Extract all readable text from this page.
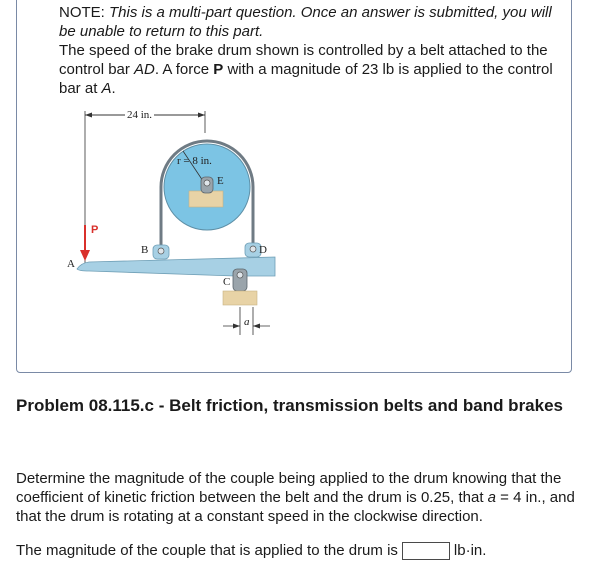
NOTE: This is a multi-part question. Once an answer is submitted, you will be unable to return to this part.
The speed of the brake drum shown is controlled by a belt attached to the control bar AD. A force P with a magnitude of 23 lb is applied to the control bar at A.
24 in.
r = 8 in.
E
P
A
B	D
C
a
Problem 08.115.c - Belt friction, transmission belts and band brakes
Determine the magnitude of the couple being applied to the drum knowing that the coefficient of kinetic friction between the belt and the drum is 0.25, that a = 4 in., and that the drum is rotating at a constant speed in the clockwise direction.
The magnitude of the couple that is applied to the drum is	lb·in.
